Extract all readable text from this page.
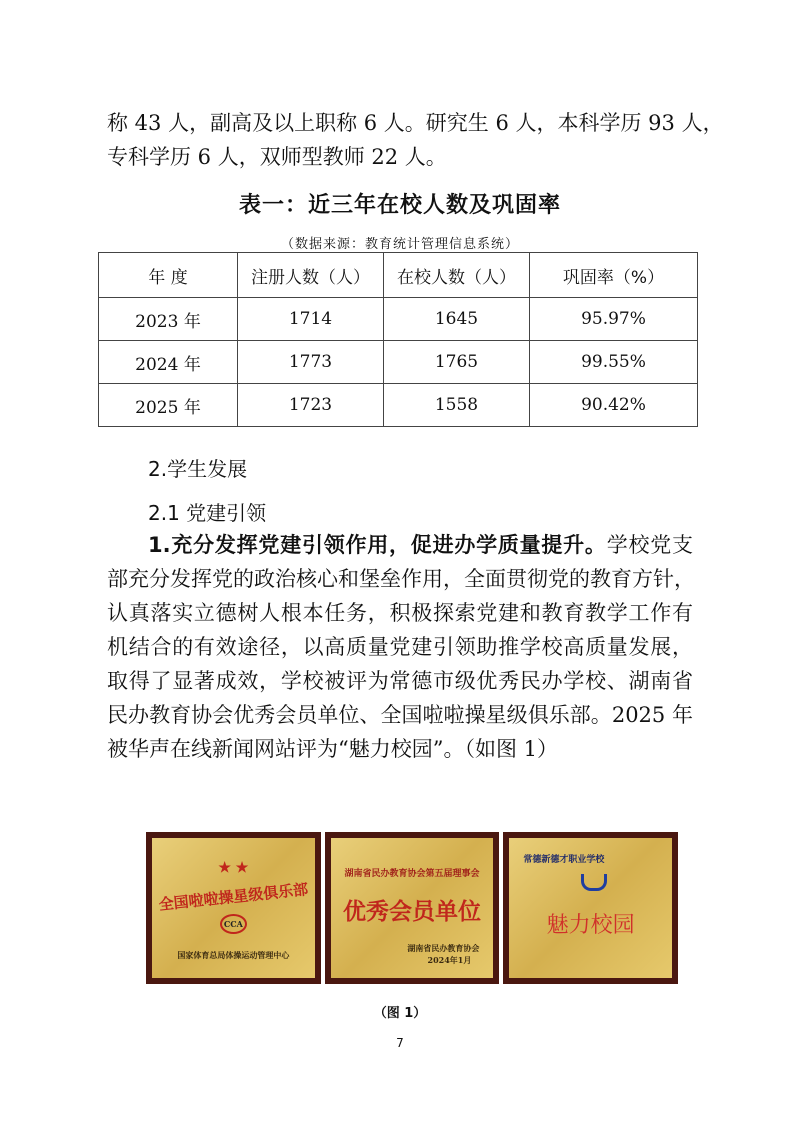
称 43 人，副高及以上职称 6 人。研究生 6 人，本科学历 93 人，
专科学历 6 人，双师型教师 22 人。
表一：近三年在校人数及巩固率
（数据来源：教育统计管理信息系统）
年 度	注册人数（人）	在校人数（人）	巩固率（%）
2023 年	1714	1645	95.97%
2024 年	1773	1765	99.55%
2025 年	1723	1558	90.42%
2.学生发展
2.1 党建引领
1.充分发挥党建引领作用，促进办学质量提升。学校党支
部充分发挥党的政治核心和堡垒作用，全面贯彻党的教育方针，
认真落实立德树人根本任务，积极探索党建和教育教学工作有
机结合的有效途径，以高质量党建引领助推学校高质量发展，
取得了显著成效，学校被评为常德市级优秀民办学校、湖南省
民办教育协会优秀会员单位、全国啦啦操星级俱乐部。2025 年
被华声在线新闻网站评为“魅力校园”。（如图 1）
★ ★
全国啦啦操星级俱乐部
CCA
国家体育总局体操运动管理中心
湖南省民办教育协会第五届理事会
优秀会员单位
湖南省民办教育协会
2024年1月
常德新德才职业学校
魅力校园
（图 1）
7
